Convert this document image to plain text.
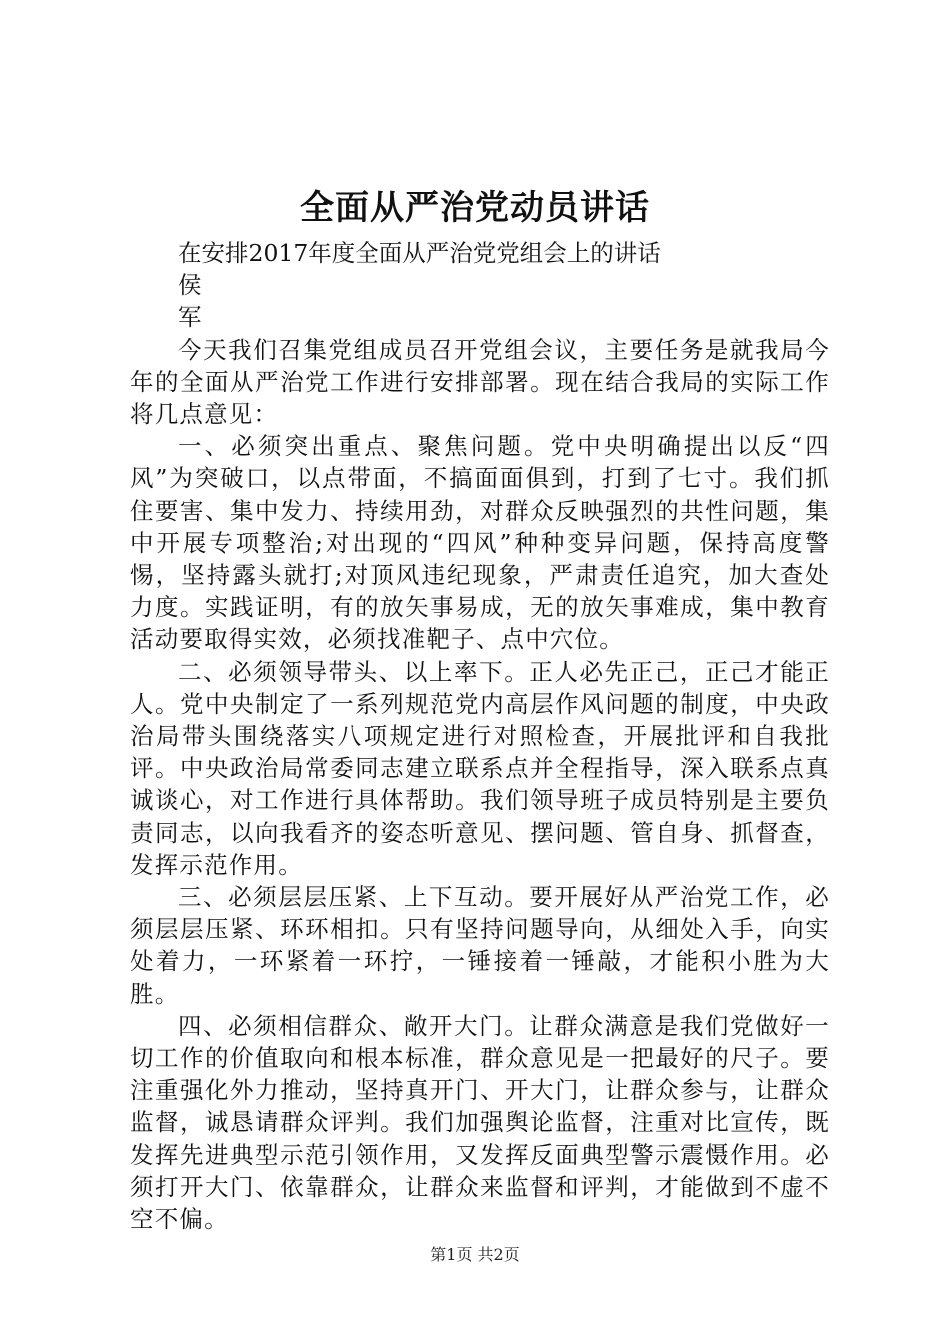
全面从严治党动员讲话
在安排2017年度全面从严治党党组会上的讲话
侯
军

今天我们召集党组成员召开党组会议，主要任务是就我局今年的全面从严治党工作进行安排部署。现在结合我局的实际工作将几点意见：

一、必须突出重点、聚焦问题。党中央明确提出以反“四风”为突破口，以点带面，不搞面面俱到，打到了七寸。我们抓住要害、集中发力、持续用劲，对群众反映强烈的共性问题，集中开展专项整治;对出现的“四风”种种变异问题，保持高度警惕，坚持露头就打;对顶风违纪现象，严肃责任追究，加大查处力度。实践证明，有的放矢事易成，无的放矢事难成，集中教育活动要取得实效，必须找准靶子、点中穴位。

二、必须领导带头、以上率下。正人必先正己，正己才能正人。党中央制定了一系列规范党内高层作风问题的制度，中央政治局带头围绕落实八项规定进行对照检查，开展批评和自我批评。中央政治局常委同志建立联系点并全程指导，深入联系点真诚谈心，对工作进行具体帮助。我们领导班子成员特别是主要负责同志，以向我看齐的姿态听意见、摆问题、管自身、抓督查，发挥示范作用。

三、必须层层压紧、上下互动。要开展好从严治党工作，必须层层压紧、环环相扣。只有坚持问题导向，从细处入手，向实处着力，一环紧着一环拧，一锤接着一锤敲，才能积小胜为大胜。

四、必须相信群众、敞开大门。让群众满意是我们党做好一切工作的价值取向和根本标准，群众意见是一把最好的尺子。要注重强化外力推动，坚持真开门、开大门，让群众参与，让群众监督，诚恳请群众评判。我们加强舆论监督，注重对比宣传，既发挥先进典型示范引领作用，又发挥反面典型警示震慑作用。必须打开大门、依靠群众，让群众来监督和评判，才能做到不虚不空不偏。

第1页 共2页
